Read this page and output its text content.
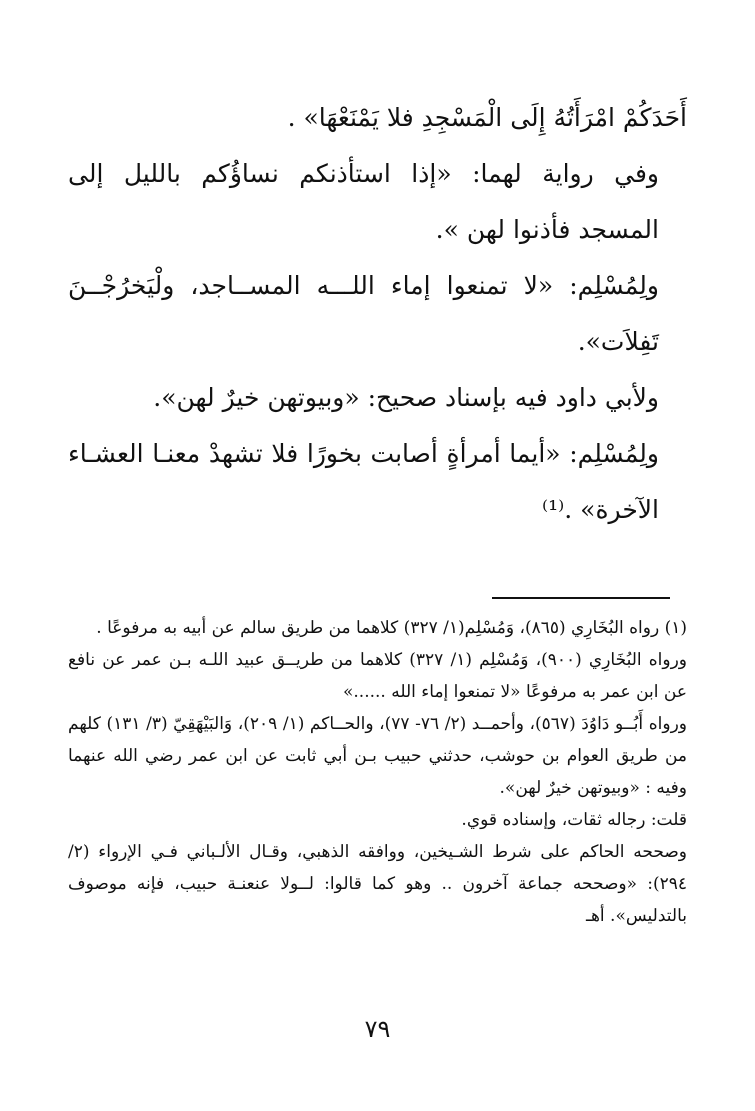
أَحَدَكُمْ امْرَأَتُهُ إِلَى الْمَسْجِدِ فلا يَمْنَعْهَا» .

وفي رواية لهما: «إذا استأذنكم نساؤُكم بالليل إلى المسجد فأذنوا لهن ».

ولِمُسْلِم: «لا تمنعوا إماء اللـــه المســاجد، ولْيَخرُجْــنَ تَفِلاَت».

ولأبي داود فيه بإسناد صحيح: «وبيوتهن خيرٌ لهن».

ولِمُسْلِم: «أيما أمرأةٍ أصابت بخورًا فلا تشهدْ معنـا العشـاء الآخرة» .⁽¹⁾

(١) رواه البُخَارِي (٨٦٥)، وَمُسْلِم(١/ ٣٢٧) كلاهما من طريق سالم عن أبيه به مرفوعًا .

ورواه البُخَارِي (٩٠٠)، وَمُسْلِم (١/ ٣٢٧) كلاهما من طريــق عبيد اللـه بـن عمر عن نافع عن ابن عمر به مرفوعًا «لا تمنعوا إماء الله ......»

ورواه أَبُــو دَاوُدَ (٥٦٧)، وأحمــد (٢/ ٧٦- ٧٧)، والحــاكم (١/ ٢٠٩)، وَالبَيْهَقِيّ (٣/ ١٣١) كلهم من طريق العوام بن حوشب، حدثني حبيب بـن أبي ثابت عن ابن عمر رضي الله عنهما وفيه : «وبيوتهن خيرٌ لهن».

قلت: رجاله ثقات، وإسناده قوي.

وصححه الحاكم على شرط الشـيخين، ووافقه الذهبي، وقـال الألـباني فـي الإرواء (٢/ ٢٩٤): «وصححه جماعة آخرون .. وهو كما قالوا: لــولا عنعنـة حبيب، فإنه موصوف بالتدليس». أهـ

٧٩
